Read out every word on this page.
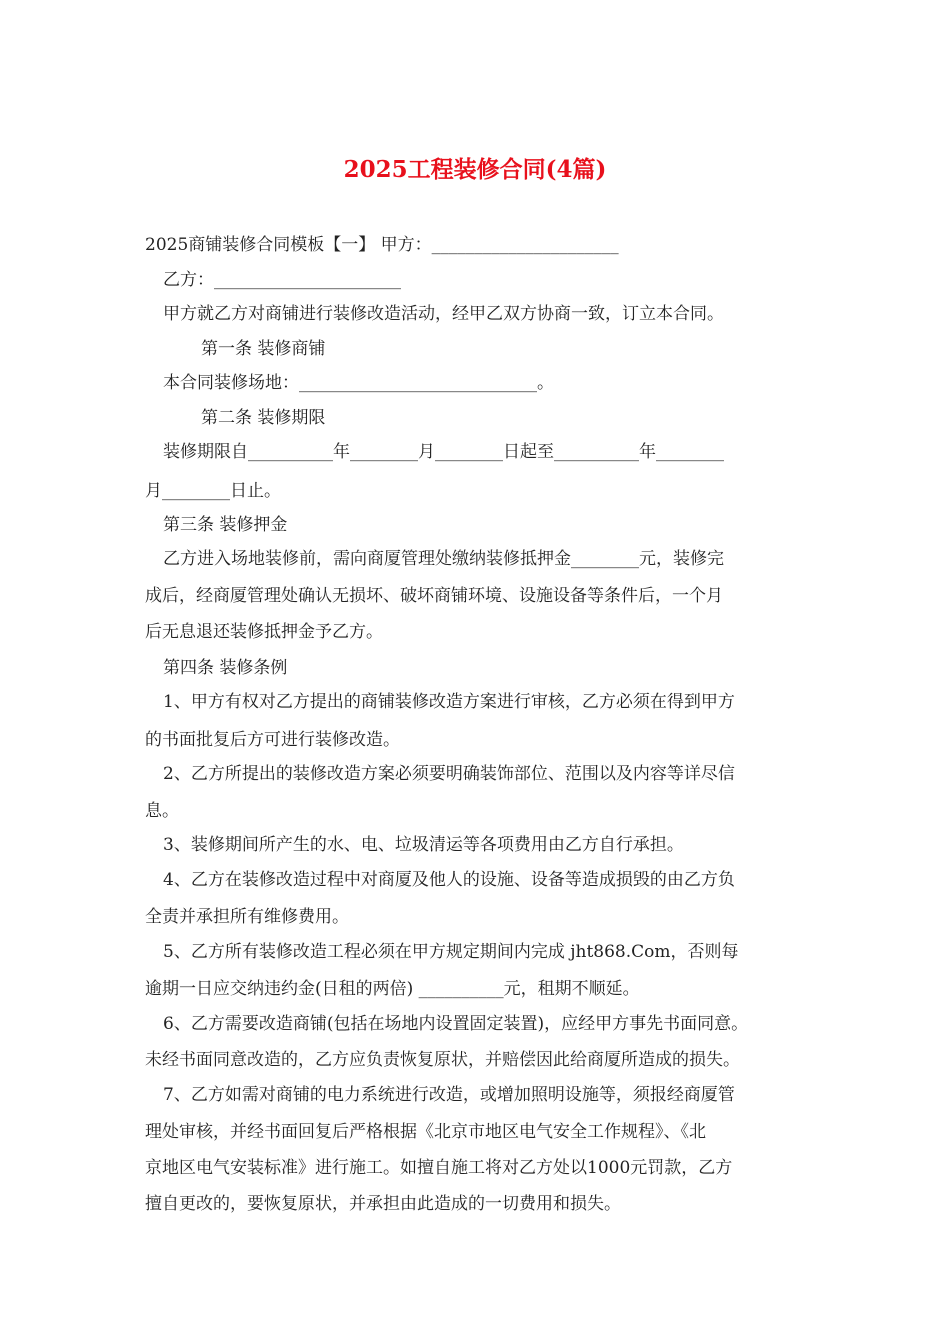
2025工程装修合同(4篇)
2025商铺装修合同模板【一】 甲方：______________________
乙方：______________________
甲方就乙方对商铺进行装修改造活动，经甲乙双方协商一致，订立本合同。
第一条 装修商铺
本合同装修场地：____________________________。
第二条 装修期限
装修期限自__________年________月________日起至__________年________
月________日止。
第三条 装修押金
乙方进入场地装修前，需向商厦管理处缴纳装修抵押金________元，装修完
成后，经商厦管理处确认无损坏、破坏商铺环境、设施设备等条件后，一个月
后无息退还装修抵押金予乙方。
第四条 装修条例
1、甲方有权对乙方提出的商铺装修改造方案进行审核，乙方必须在得到甲方
的书面批复后方可进行装修改造。
2、乙方所提出的装修改造方案必须要明确装饰部位、范围以及内容等详尽信
息。
3、装修期间所产生的水、电、垃圾清运等各项费用由乙方自行承担。
4、乙方在装修改造过程中对商厦及他人的设施、设备等造成损毁的由乙方负
全责并承担所有维修费用。
5、乙方所有装修改造工程必须在甲方规定期间内完成 jht868.Com，否则每
逾期一日应交纳违约金(日租的两倍) __________元，租期不顺延。
6、乙方需要改造商铺(包括在场地内设置固定装置)，应经甲方事先书面同意。
未经书面同意改造的，乙方应负责恢复原状，并赔偿因此给商厦所造成的损失。
7、乙方如需对商铺的电力系统进行改造，或增加照明设施等，须报经商厦管
理处审核，并经书面回复后严格根据《北京市地区电气安全工作规程》、《北
京地区电气安装标准》进行施工。如擅自施工将对乙方处以1000元罚款，乙方
擅自更改的，要恢复原状，并承担由此造成的一切费用和损失。
